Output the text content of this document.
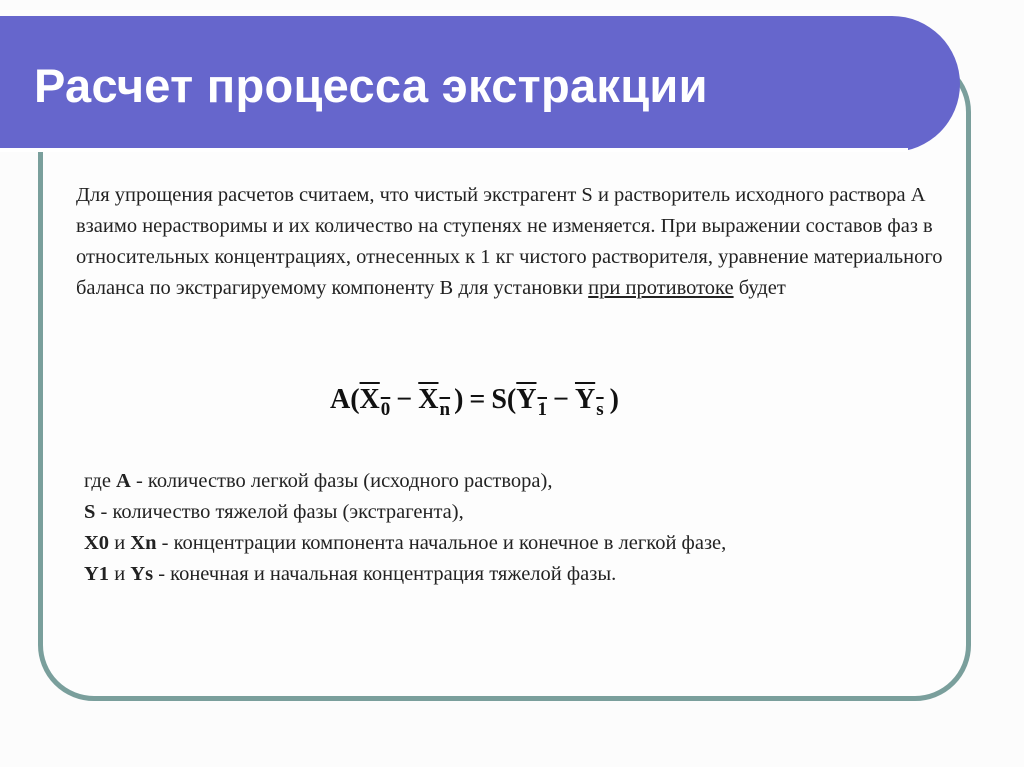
Расчет процесса экстракции

Для упрощения расчетов считаем, что чистый экстрагент S и растворитель исходного раствора А взаимо нерастворимы и их количество на ступенях не изменяется. При выражении составов фаз в относительных концентрациях, отнесенных к 1 кг чистого растворителя, уравнение материального баланса по экстрагируемому компоненту В для установки при противотоке будет

A( $X_0 - X_n$ ) = S( $Y_1 - Y_s$ )
где А - количество легкой фазы (исходного раствора),
S - количество тяжелой фазы (экстрагента),
X0 и Xn - концентрации компонента начальное и конечное в легкой фазе,
Y1 и Ys - конечная и начальная концентрация тяжелой фазы.
